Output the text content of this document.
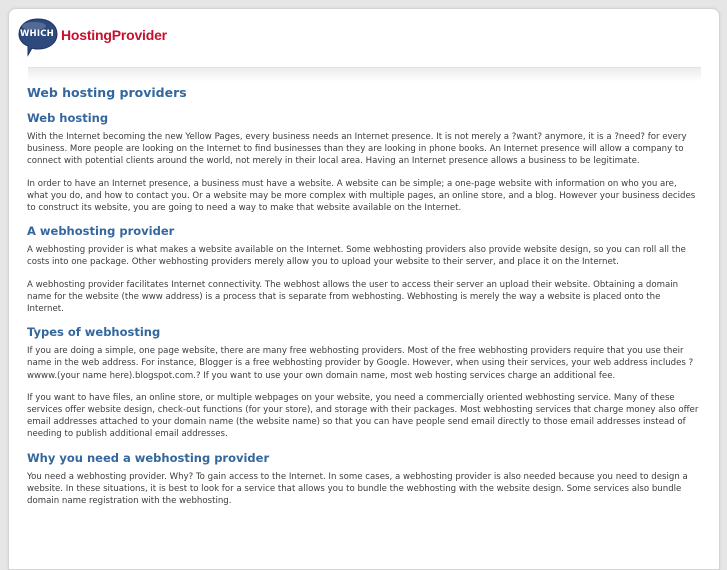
WHICH HostingProvider
Web hosting providers
Web hosting

With the Internet becoming the new Yellow Pages, every business needs an Internet presence. It is not merely a ?want? anymore, it is a ?need? for every business. More people are looking on the Internet to find businesses than they are looking in phone books. An Internet presence will allow a company to connect with potential clients around the world, not merely in their local area. Having an Internet presence allows a business to be legitimate.

In order to have an Internet presence, a business must have a website. A website can be simple; a one-page website with information on who you are, what you do, and how to contact you. Or a website may be more complex with multiple pages, an online store, and a blog. However your business decides to construct its website, you are going to need a way to make that website available on the Internet.

A webhosting provider

A webhosting provider is what makes a website available on the Internet. Some webhosting providers also provide website design, so you can roll all the costs into one package. Other webhosting providers merely allow you to upload your website to their server, and place it on the Internet.

A webhosting provider facilitates Internet connectivity. The webhost allows the user to access their server an upload their website. Obtaining a domain name for the website (the www address) is a process that is separate from webhosting. Webhosting is merely the way a website is placed onto the Internet.

Types of webhosting

If you are doing a simple, one page website, there are many free webhosting providers. Most of the free webhosting providers require that you use their name in the web address. For instance, Blogger is a free webhosting provider by Google. However, when using their services, your web address includes ?wwww.(your name here).blogspot.com.? If you want to use your own domain name, most web hosting services charge an additional fee.

If you want to have files, an online store, or multiple webpages on your website, you need a commercially oriented webhosting service. Many of these services offer website design, check-out functions (for your store), and storage with their packages. Most webhosting services that charge money also offer email addresses attached to your domain name (the website name) so that you can have people send email directly to those email addresses instead of needing to publish additional email addresses.

Why you need a webhosting provider

You need a webhosting provider. Why? To gain access to the Internet. In some cases, a webhosting provider is also needed because you need to design a website. In these situations, it is best to look for a service that allows you to bundle the webhosting with the website design. Some services also bundle domain name registration with the webhosting.
